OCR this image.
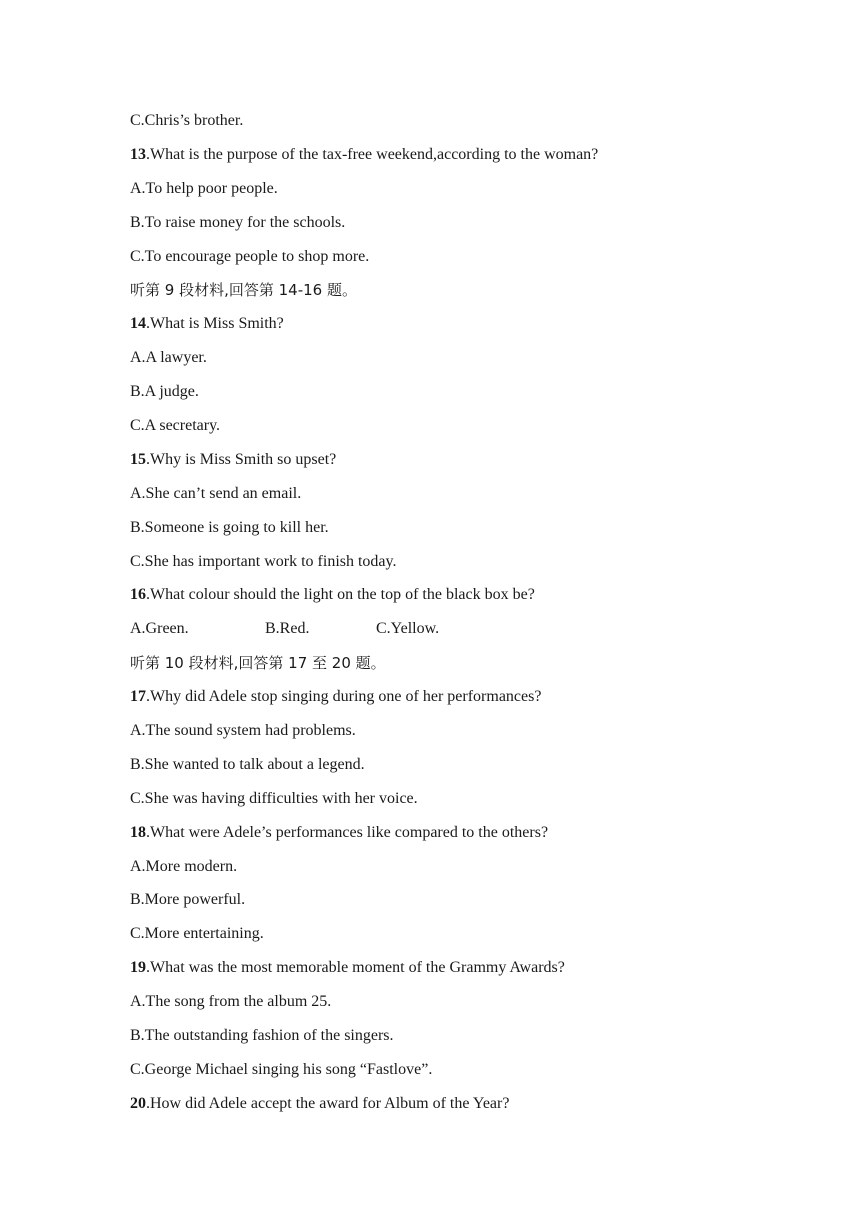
C.Chris’s brother.
13.What is the purpose of the tax-free weekend,according to the woman?
A.To help poor people.
B.To raise money for the schools.
C.To encourage people to shop more.
听第 9 段材料,回答第 14-16 题。
14.What is Miss Smith?
A.A lawyer.
B.A judge.
C.A secretary.
15.Why is Miss Smith so upset?
A.She can’t send an email.
B.Someone is going to kill her.
C.She has important work to finish today.
16.What colour should the light on the top of the black box be?
A.Green.	B.Red.	C.Yellow.
听第 10 段材料,回答第 17 至 20 题。
17.Why did Adele stop singing during one of her performances?
A.The sound system had problems.
B.She wanted to talk about a legend.
C.She was having difficulties with her voice.
18.What were Adele’s performances like compared to the others?
A.More modern.
B.More powerful.
C.More entertaining.
19.What was the most memorable moment of the Grammy Awards?
A.The song from the album 25.
B.The outstanding fashion of the singers.
C.George Michael singing his song “Fastlove”.
20.How did Adele accept the award for Album of the Year?
